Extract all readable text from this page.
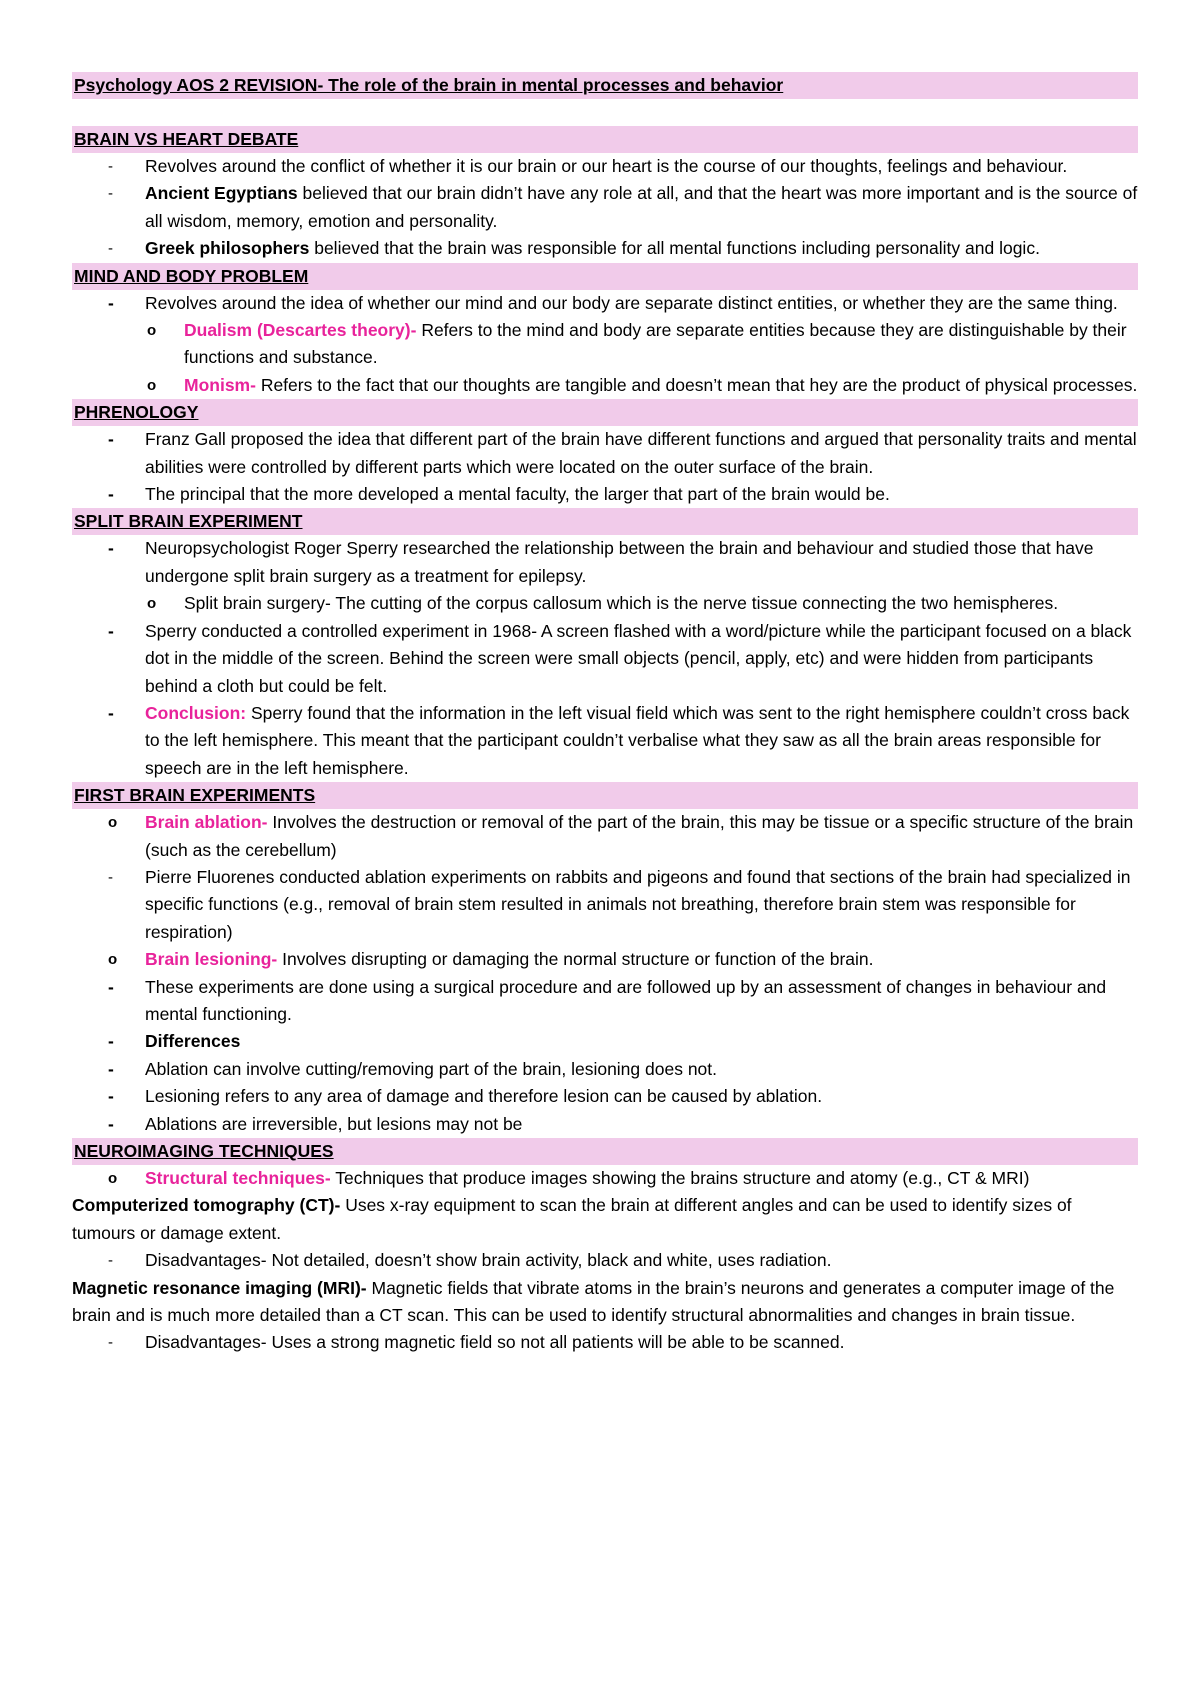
Psychology AOS 2 REVISION- The role of the brain in mental processes and behavior
BRAIN VS HEART DEBATE
-	Revolves around the conflict of whether it is our brain or our heart is the course of our thoughts, feelings and behaviour.
-	Ancient Egyptians believed that our brain didn’t have any role at all, and that the heart was more important and is the source of all wisdom, memory, emotion and personality.
-	Greek philosophers believed that the brain was responsible for all mental functions including personality and logic.
MIND AND BODY PROBLEM
-	Revolves around the idea of whether our mind and our body are separate distinct entities, or whether they are the same thing.
o	Dualism (Descartes theory)- Refers to the mind and body are separate entities because they are distinguishable by their functions and substance.
o	Monism- Refers to the fact that our thoughts are tangible and doesn’t mean that hey are the product of physical processes.
PHRENOLOGY
-	Franz Gall proposed the idea that different part of the brain have different functions and argued that personality traits and mental abilities were controlled by different parts which were located on the outer surface of the brain.
-	The principal that the more developed a mental faculty, the larger that part of the brain would be.
SPLIT BRAIN EXPERIMENT
-	Neuropsychologist Roger Sperry researched the relationship between the brain and behaviour and studied those that have undergone split brain surgery as a treatment for epilepsy.
o	Split brain surgery- The cutting of the corpus callosum which is the nerve tissue connecting the two hemispheres.
-	Sperry conducted a controlled experiment in 1968- A screen flashed with a word/picture while the participant focused on a black dot in the middle of the screen. Behind the screen were small objects (pencil, apply, etc) and were hidden from participants behind a cloth but could be felt.
-	Conclusion: Sperry found that the information in the left visual field which was sent to the right hemisphere couldn’t cross back to the left hemisphere. This meant that the participant couldn’t verbalise what they saw as all the brain areas responsible for speech are in the left hemisphere.
FIRST BRAIN EXPERIMENTS
o	Brain ablation- Involves the destruction or removal of the part of the brain, this may be tissue or a specific structure of the brain (such as the cerebellum)
-	Pierre Fluorenes conducted ablation experiments on rabbits and pigeons and found that sections of the brain had specialized in specific functions (e.g., removal of brain stem resulted in animals not breathing, therefore brain stem was responsible for respiration)
o	Brain lesioning- Involves disrupting or damaging the normal structure or function of the brain.
-	These experiments are done using a surgical procedure and are followed up by an assessment of changes in behaviour and mental functioning.
-	Differences
-	Ablation can involve cutting/removing part of the brain, lesioning does not.
-	Lesioning refers to any area of damage and therefore lesion can be caused by ablation.
-	Ablations are irreversible, but lesions may not be
NEUROIMAGING TECHNIQUES
o	Structural techniques- Techniques that produce images showing the brains structure and atomy (e.g., CT & MRI)
Computerized tomography (CT)- Uses x-ray equipment to scan the brain at different angles and can be used to identify sizes of tumours or damage extent.
-	Disadvantages- Not detailed, doesn’t show brain activity, black and white, uses radiation.
Magnetic resonance imaging (MRI)- Magnetic fields that vibrate atoms in the brain’s neurons and generates a computer image of the brain and is much more detailed than a CT scan. This can be used to identify structural abnormalities and changes in brain tissue.
-	Disadvantages- Uses a strong magnetic field so not all patients will be able to be scanned.
